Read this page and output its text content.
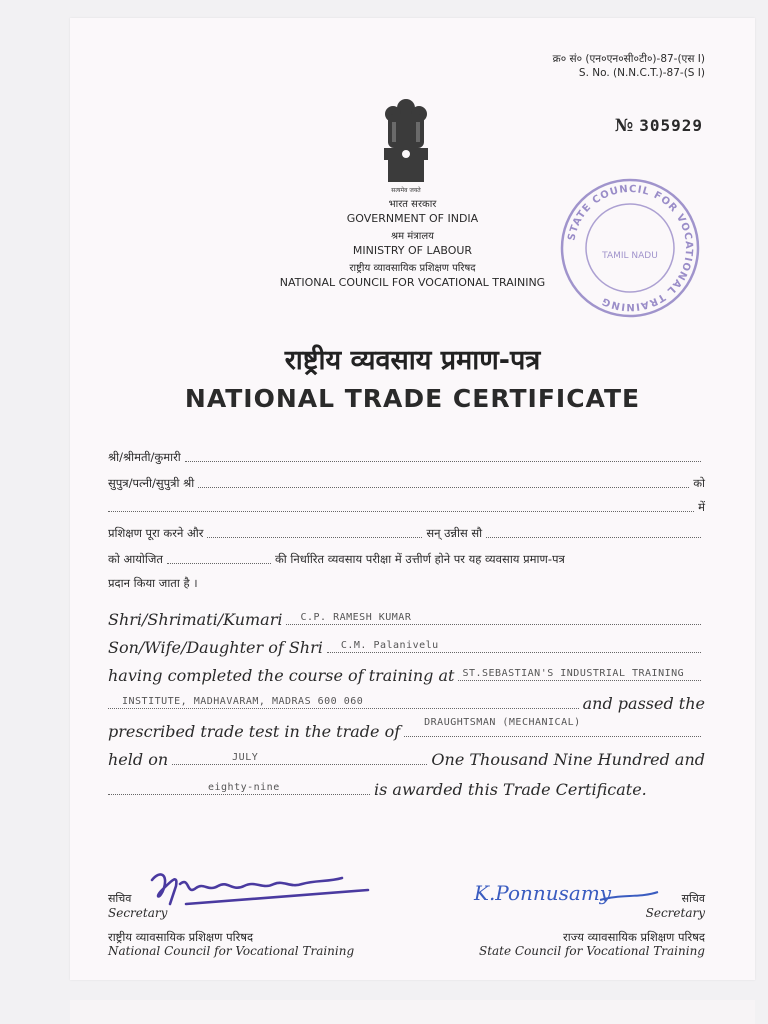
क्र० सं० (एन०एन०सी०टी०)-87-(एस I)
S. No. (N.N.C.T.)-87-(S I)
№ 305929
सत्यमेव जयते
भारत सरकार
GOVERNMENT OF INDIA
श्रम मंत्रालय
MINISTRY OF LABOUR
राष्ट्रीय व्यावसायिक प्रशिक्षण परिषद
NATIONAL COUNCIL FOR VOCATIONAL TRAINING
STATE COUNCIL FOR VOCATIONAL TRAINING
TAMIL NADU
राष्ट्रीय व्यवसाय प्रमाण-पत्र
NATIONAL TRADE CERTIFICATE
श्री/श्रीमती/कुमारी
सुपुत्र/पत्नी/सुपुत्री श्री	को
में
प्रशिक्षण पूरा करने और	सन् उन्नीस सौ
को आयोजित	की निर्धारित व्यवसाय परीक्षा में उत्तीर्ण होने पर यह व्यवसाय प्रमाण-पत्र
प्रदान किया जाता है ।
Shri/Shrimati/Kumari C.P. RAMESH KUMAR
Son/Wife/Daughter of Shri C.M. Palanivelu
having completed the course of training at ST.SEBASTIAN'S INDUSTRIAL TRAINING
INSTITUTE, MADHAVARAM, MADRAS 600 060	and passed the
prescribed trade test in the trade of DRAUGHTSMAN (MECHANICAL)
held on	JULY	One Thousand Nine Hundred and
eighty-nine	is awarded this Trade Certificate.
K.Ponnusamy
सचिव
Secretary
राष्ट्रीय व्यावसायिक प्रशिक्षण परिषद
National Council for Vocational Training
सचिव
Secretary
राज्य व्यावसायिक प्रशिक्षण परिषद
State Council for Vocational Training
